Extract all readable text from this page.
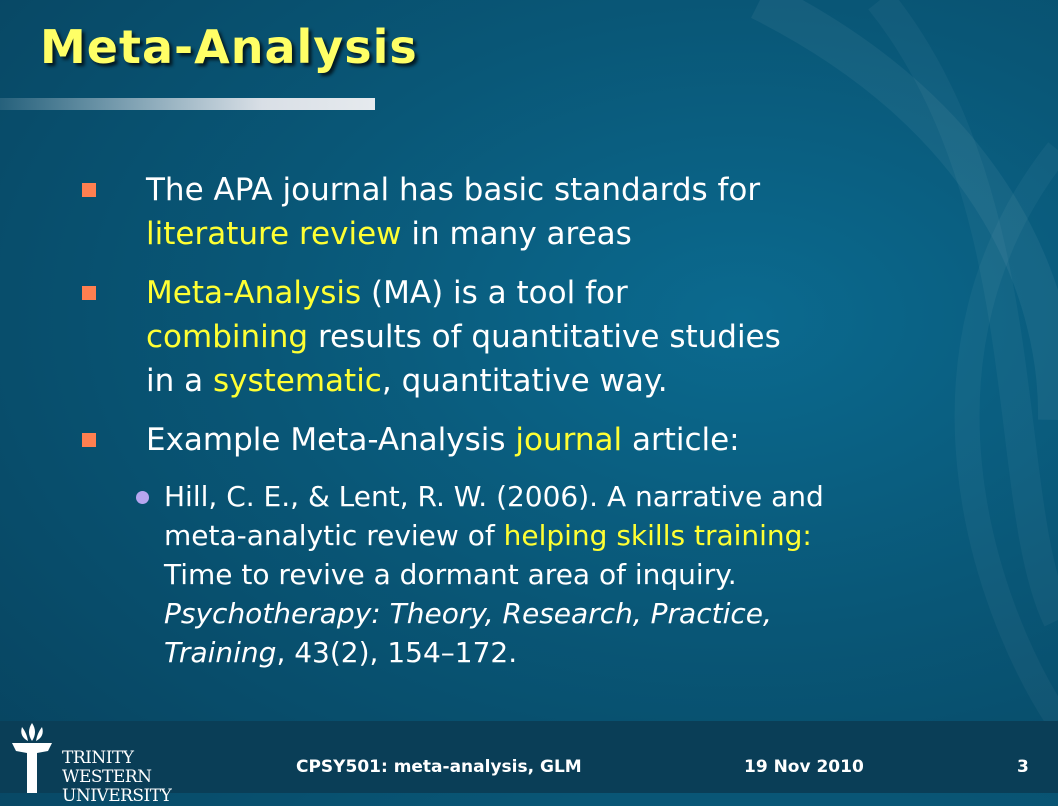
Meta-Analysis
The APA journal has basic standards for
literature review in many areas
Meta-Analysis (MA) is a tool for
combining results of quantitative studies
in a systematic, quantitative way.
Example Meta-Analysis journal article:
Hill, C. E., & Lent, R. W. (2006). A narrative and
meta-analytic review of helping skills training:
Time to revive a dormant area of inquiry.
Psychotherapy: Theory, Research, Practice,
Training, 43(2), 154–172.
TRINITY
WESTERN
UNIVERSITY
CPSY501: meta-analysis, GLM	19 Nov 2010	3
